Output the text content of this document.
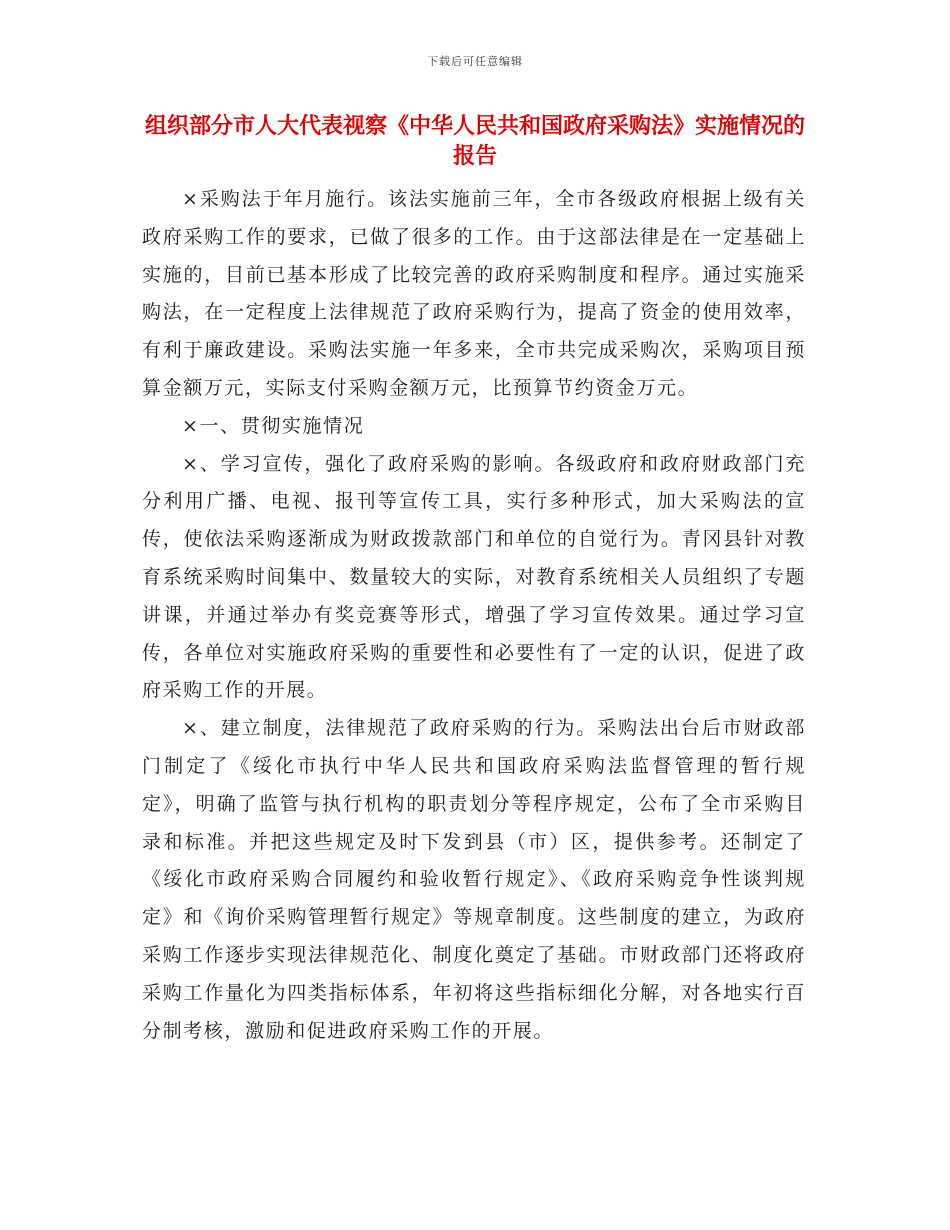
下载后可任意编辑
组织部分市人大代表视察《中华人民共和国政府采购法》实施情况的报告

×采购法于年月施行。该法实施前三年，全市各级政府根据上级有关政府采购工作的要求，已做了很多的工作。由于这部法律是在一定基础上实施的，目前已基本形成了比较完善的政府采购制度和程序。通过实施采购法，在一定程度上法律规范了政府采购行为，提高了资金的使用效率，有利于廉政建设。采购法实施一年多来，全市共完成采购次，采购项目预算金额万元，实际支付采购金额万元，比预算节约资金万元。

×一、贯彻实施情况

×、学习宣传，强化了政府采购的影响。各级政府和政府财政部门充分利用广播、电视、报刊等宣传工具，实行多种形式，加大采购法的宣传，使依法采购逐渐成为财政拨款部门和单位的自觉行为。青冈县针对教育系统采购时间集中、数量较大的实际，对教育系统相关人员组织了专题讲课，并通过举办有奖竞赛等形式，增强了学习宣传效果。通过学习宣传，各单位对实施政府采购的重要性和必要性有了一定的认识，促进了政府采购工作的开展。

×、建立制度，法律规范了政府采购的行为。采购法出台后市财政部门制定了《绥化市执行中华人民共和国政府采购法监督管理的暂行规定》，明确了监管与执行机构的职责划分等程序规定，公布了全市采购目录和标准。并把这些规定及时下发到县（市）区，提供参考。还制定了《绥化市政府采购合同履约和验收暂行规定》、《政府采购竞争性谈判规定》和《询价采购管理暂行规定》等规章制度。这些制度的建立，为政府采购工作逐步实现法律规范化、制度化奠定了基础。市财政部门还将政府采购工作量化为四类指标体系，年初将这些指标细化分解，对各地实行百分制考核，激励和促进政府采购工作的开展。
